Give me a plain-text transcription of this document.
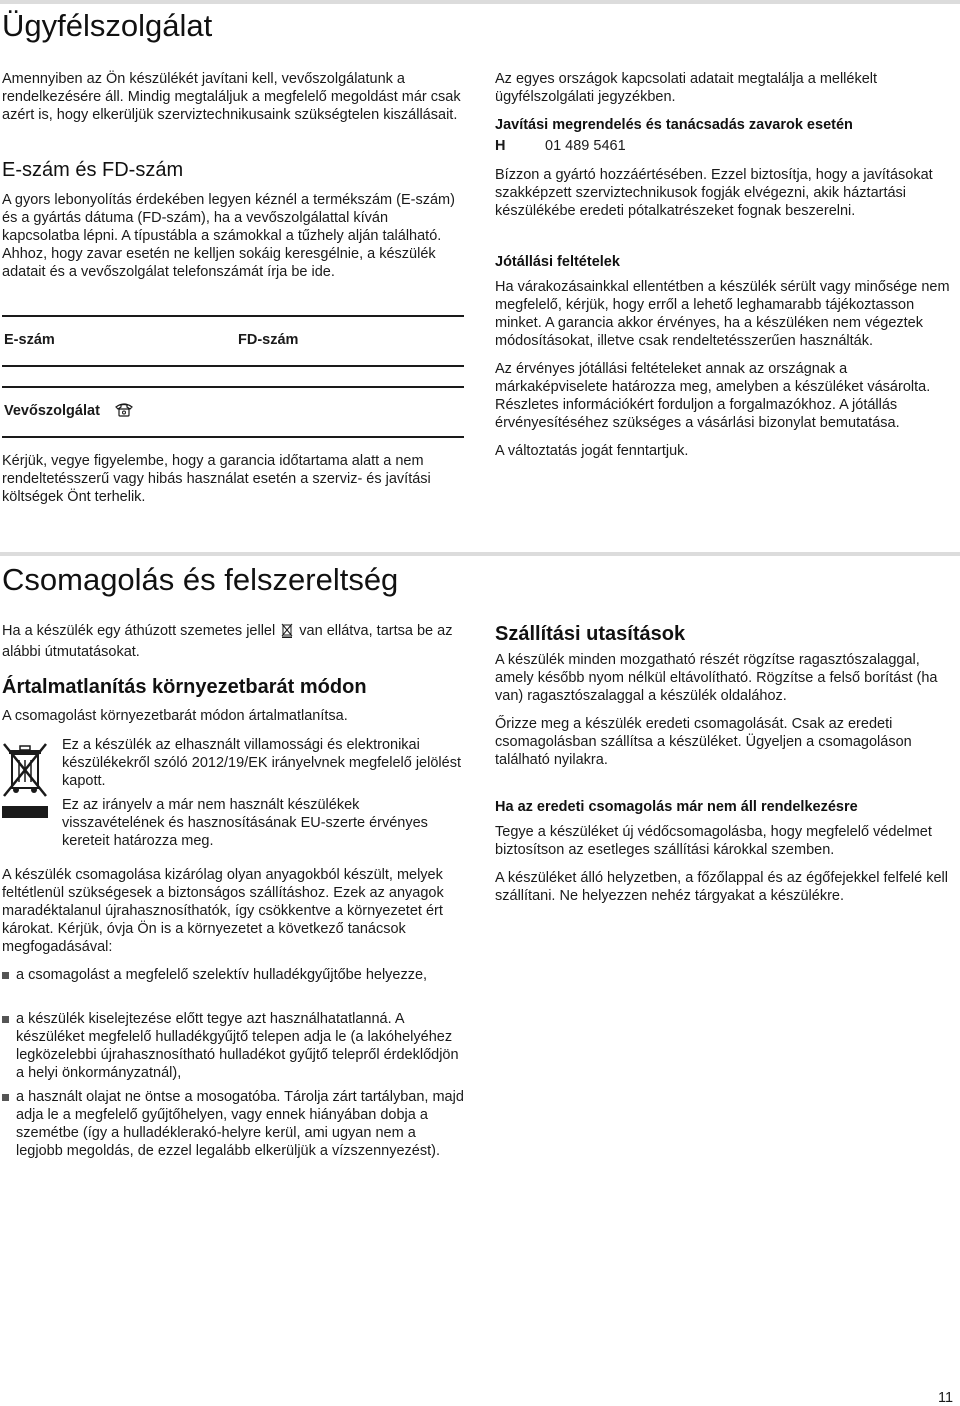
Ügyfélszolgálat

Amennyiben az Ön készülékét javítani kell, vevőszolgálatunk a rendelkezésére áll. Mindig megtaláljuk a megfelelő megoldást már csak azért is, hogy elkerüljük szerviztechnikusaink szükségtelen kiszállásait.

E-szám és FD-szám

A gyors lebonyolítás érdekében legyen kéznél a termékszám (E-szám) és a gyártás dátuma (FD-szám), ha a vevőszolgálattal kíván kapcsolatba lépni. A típustábla a számokkal a tűzhely alján található.

Ahhoz, hogy zavar esetén ne kelljen sokáig keresgélnie, a készülék adatait és a vevőszolgálat telefonszámát írja be ide.

E-szám	FD-szám
Vevőszolgálat

Kérjük, vegye figyelembe, hogy a garancia időtartama alatt a nem rendeltetésszerű vagy hibás használat esetén a szerviz- és javítási költségek Önt terhelik.

Az egyes országok kapcsolati adatait megtalálja a mellékelt ügyfélszolgálati jegyzékben.

Javítási megrendelés és tanácsadás zavarok esetén
H	01 489 5461

Bízzon a gyártó hozzáértésében. Ezzel biztosítja, hogy a javításokat szakképzett szerviztechnikusok fogják elvégezni, akik háztartási készülékébe eredeti pótalkatrészeket fognak beszerelni.

Jótállási feltételek

Ha várakozásainkkal ellentétben a készülék sérült vagy minősége nem megfelelő, kérjük, hogy erről a lehető leghamarabb tájékoztasson minket. A garancia akkor érvényes, ha a készüléken nem végeztek módosításokat, illetve csak rendeltetésszerűen használták.

Az érvényes jótállási feltételeket annak az országnak a márkaképviselete határozza meg, amelyben a készüléket vásárolta. Részletes információkért forduljon a forgalmazókhoz. A jótállás érvényesítéséhez szükséges a vásárlási bizonylat bemutatása.

A változtatás jogát fenntartjuk.

Csomagolás és felszereltség

Ha a készülék egy áthúzott szemetes jellel van ellátva, tartsa be az alábbi útmutatásokat.

Ártalmatlanítás környezetbarát módon

A csomagolást környezetbarát módon ártalmatlanítsa.

Ez a készülék az elhasznált villamossági és elektronikai készülékekről szóló 2012/19/EK irányelvnek megfelelő jelölést kapott.

Ez az irányelv a már nem használt készülékek visszavételének és hasznosításának EU-szerte érvényes kereteit határozza meg.

A készülék csomagolása kizárólag olyan anyagokból készült, melyek feltétlenül szükségesek a biztonságos szállításhoz. Ezek az anyagok maradéktalanul újrahasznosíthatók, így csökkentve a környezetet ért károkat. Kérjük, óvja Ön is a környezetet a következő tanácsok megfogadásával:

a csomagolást a megfelelő szelektív hulladékgyűjtőbe helyezze,

a készülék kiselejtezése előtt tegye azt használhatatlanná. A készüléket megfelelő hulladékgyűjtő telepen adja le (a lakóhelyéhez legközelebbi újrahasznosítható hulladékot gyűjtő telepről érdeklődjön a helyi önkormányzatnál),

a használt olajat ne öntse a mosogatóba. Tárolja zárt tartályban, majd adja le a megfelelő gyűjtőhelyen, vagy ennek hiányában dobja a szemétbe (így a hulladéklerakó-helyre kerül, ami ugyan nem a legjobb megoldás, de ezzel legalább elkerüljük a vízszennyezést).

Szállítási utasítások

A készülék minden mozgatható részét rögzítse ragasztószalaggal, amely később nyom nélkül eltávolítható. Rögzítse a felső borítást (ha van) ragasztószalaggal a készülék oldalához.

Őrizze meg a készülék eredeti csomagolását. Csak az eredeti csomagolásban szállítsa a készüléket. Ügyeljen a csomagoláson található nyilakra.

Ha az eredeti csomagolás már nem áll rendelkezésre

Tegye a készüléket új védőcsomagolásba, hogy megfelelő védelmet biztosítson az esetleges szállítási károkkal szemben.

A készüléket álló helyzetben, a főzőlappal és az égőfejekkel felfelé kell szállítani. Ne helyezzen nehéz tárgyakat a készülékre.

11
